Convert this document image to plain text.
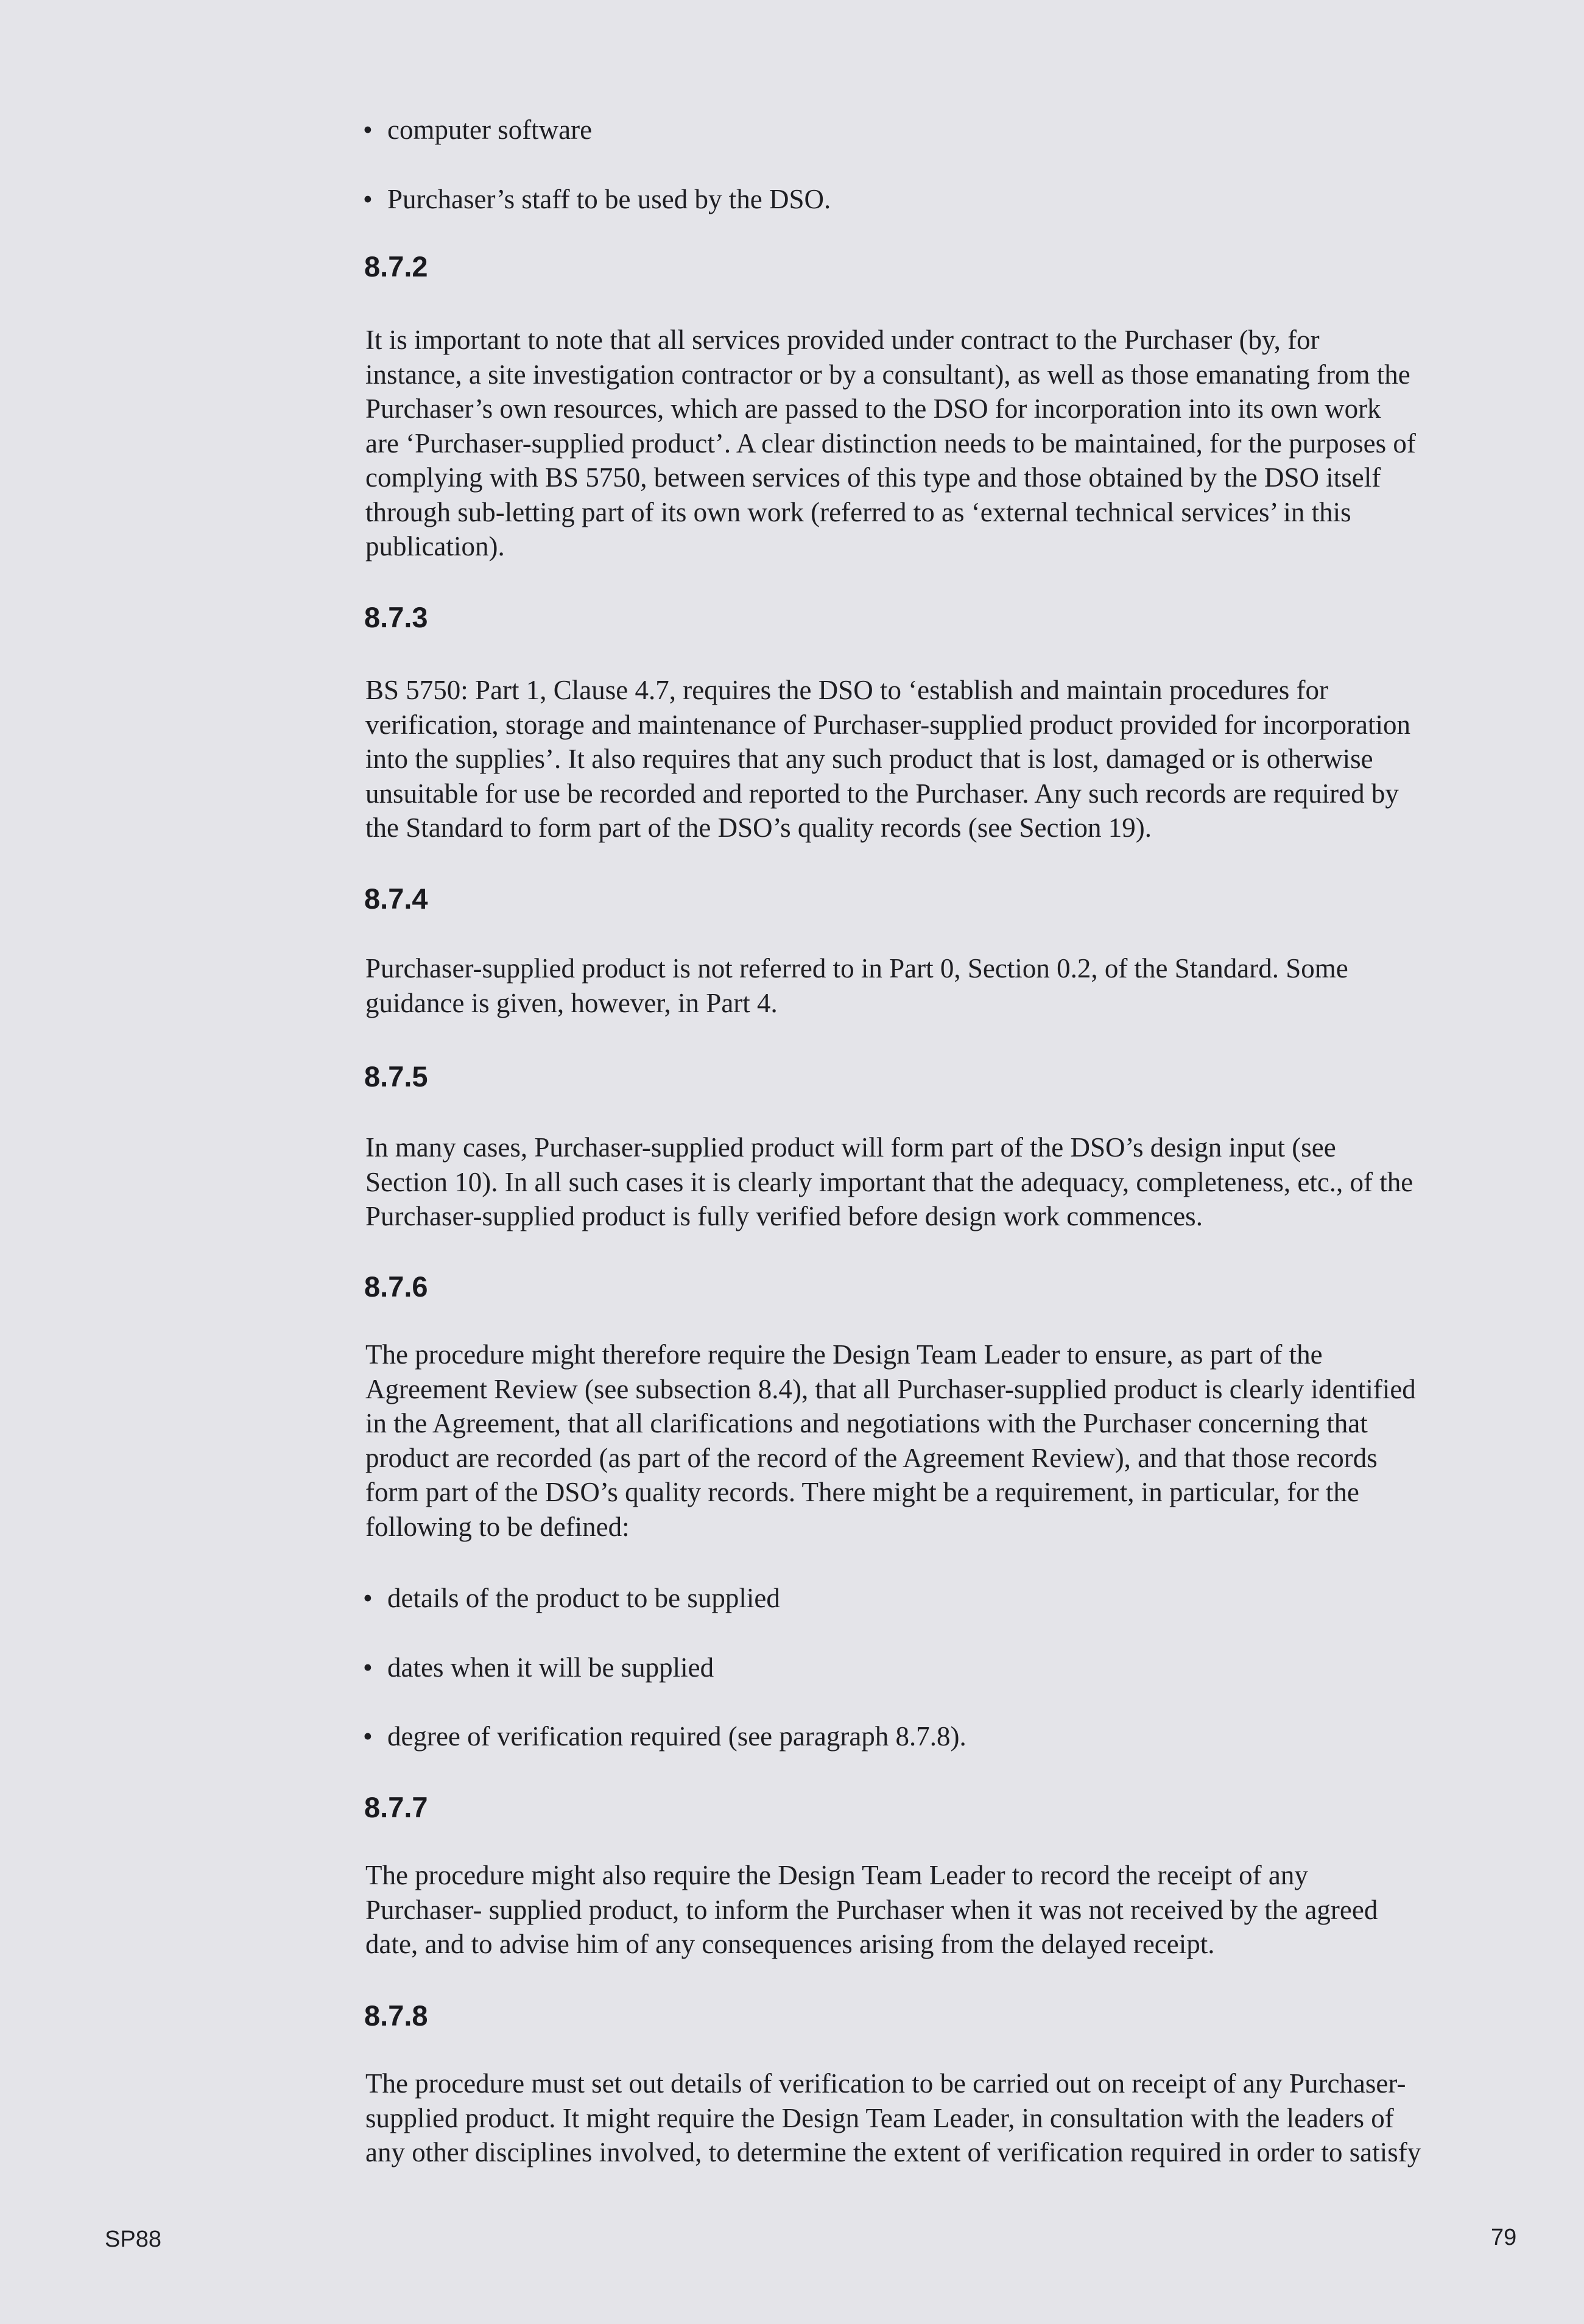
• computer software
• Purchaser’s staff to be used by the DSO.
8.7.2
It is important to note that all services provided under contract to the Purchaser (by, for
instance, a site investigation contractor or by a consultant), as well as those emanating from the
Purchaser’s own resources, which are passed to the DSO for incorporation into its own work
are ‘Purchaser-supplied product’. A clear distinction needs to be maintained, for the purposes of
complying with BS 5750, between services of this type and those obtained by the DSO itself
through sub-letting part of its own work (referred to as ‘external technical services’ in this
publication).
8.7.3
BS 5750: Part 1, Clause 4.7, requires the DSO to ‘establish and maintain procedures for
verification, storage and maintenance of Purchaser-supplied product provided for incorporation
into the supplies’. It also requires that any such product that is lost, damaged or is otherwise
unsuitable for use be recorded and reported to the Purchaser. Any such records are required by
the Standard to form part of the DSO’s quality records (see Section 19).
8.7.4
Purchaser-supplied product is not referred to in Part 0, Section 0.2, of the Standard. Some
guidance is given, however, in Part 4.
8.7.5
In many cases, Purchaser-supplied product will form part of the DSO’s design input (see
Section 10). In all such cases it is clearly important that the adequacy, completeness, etc., of the
Purchaser-supplied product is fully verified before design work commences.
8.7.6
The procedure might therefore require the Design Team Leader to ensure, as part of the
Agreement Review (see subsection 8.4), that all Purchaser-supplied product is clearly identified
in the Agreement, that all clarifications and negotiations with the Purchaser concerning that
product are recorded (as part of the record of the Agreement Review), and that those records
form part of the DSO’s quality records. There might be a requirement, in particular, for the
following to be defined:
• details of the product to be supplied
• dates when it will be supplied
• degree of verification required (see paragraph 8.7.8).
8.7.7
The procedure might also require the Design Team Leader to record the receipt of any
Purchaser- supplied product, to inform the Purchaser when it was not received by the agreed
date, and to advise him of any consequences arising from the delayed receipt.
8.7.8
The procedure must set out details of verification to be carried out on receipt of any Purchaser-
supplied product. It might require the Design Team Leader, in consultation with the leaders of
any other disciplines involved, to determine the extent of verification required in order to satisfy
SP88	79
